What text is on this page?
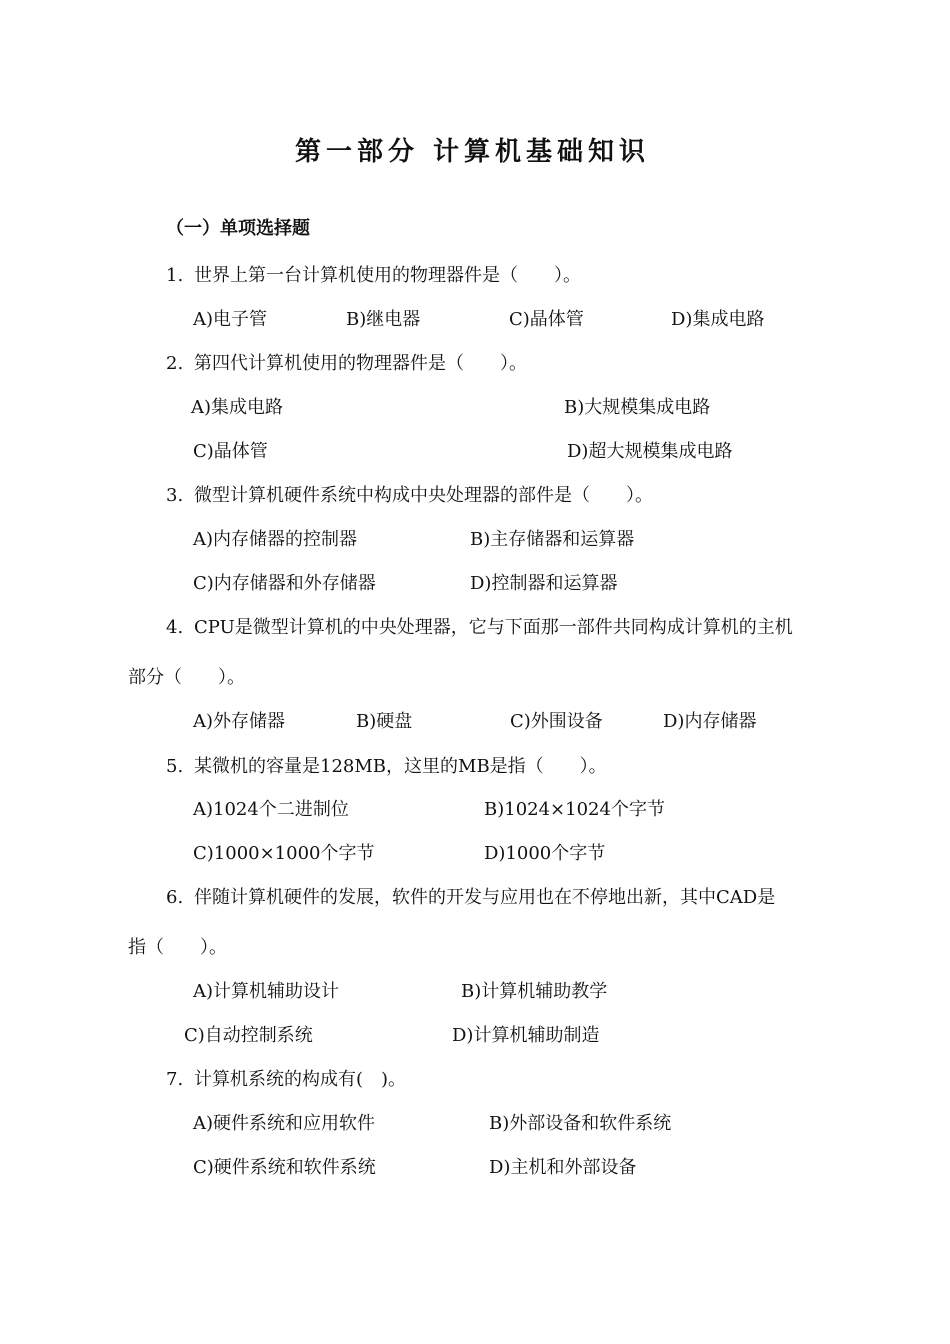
第一部分 计算机基础知识
（一）单项选择题
1. 世界上第一台计算机使用的物理器件是（　　）。
A)电子管	B)继电器	C)晶体管	D)集成电路
2. 第四代计算机使用的物理器件是（　　）。
A)集成电路	B)大规模集成电路
C)晶体管	D)超大规模集成电路
3. 微型计算机硬件系统中构成中央处理器的部件是（　　）。
A)内存储器的控制器	B)主存储器和运算器
C)内存储器和外存储器	D)控制器和运算器
4. CPU是微型计算机的中央处理器，它与下面那一部件共同构成计算机的主机
部分（　　）。
A)外存储器	B)硬盘	C)外围设备	D)内存储器
5. 某微机的容量是128MB，这里的MB是指（　　）。
A)1024个二进制位	B)1024×1024个字节
C)1000×1000个字节	D)1000个字节
6. 伴随计算机硬件的发展，软件的开发与应用也在不停地出新，其中CAD是
指（　　）。
A)计算机辅助设计	B)计算机辅助教学
C)自动控制系统	D)计算机辅助制造
7. 计算机系统的构成有(　)。
A)硬件系统和应用软件	B)外部设备和软件系统
C)硬件系统和软件系统	D)主机和外部设备
